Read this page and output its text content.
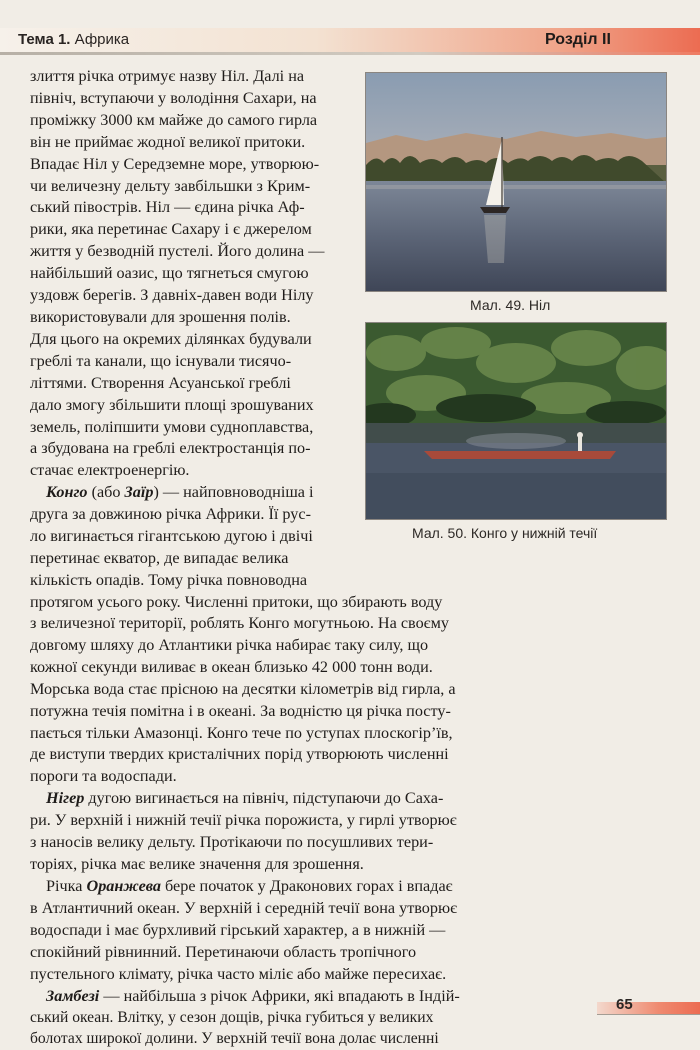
Тема 1. Африка	Розділ II
Мал. 49. Ніл
Мал. 50. Конго у нижній течії
злиття річка отримує назву Ніл. Далі на
північ, вступаючи у володіння Сахари, на
проміжку 3000 км майже до самого гирла
він не приймає жодної великої притоки.
Впадає Ніл у Середземне море, утворюю-
чи величезну дельту завбільшки з Крим-
ський півострів. Ніл — єдина річка Аф-
рики, яка перетинає Сахару і є джерелом
життя у безводній пустелі. Його долина —
найбільший оазис, що тягнеться смугою
уздовж берегів. З давніх-давен води Нілу
використовували для зрошення полів.
Для цього на окремих ділянках будували
греблі та канали, що існували тисячо-
літтями. Створення Асуанської греблі
дало змогу збільшити площі зрошуваних
земель, поліпшити умови судноплавства,
а збудована на греблі електростанція по-
стачає електроенергію.
Конго (або Заїр) — найповноводніша і
друга за довжиною річка Африки. Її рус-
ло вигинається гігантською дугою і двічі
перетинає екватор, де випадає велика
кількість опадів. Тому річка повноводна
протягом усього року. Численні притоки, що збирають воду
з величезної території, роблять Конго могутньою. На своєму
довгому шляху до Атлантики річка набирає таку силу, що
кожної секунди виливає в океан близько 42 000 тонн води.
Морська вода стає прісною на десятки кілометрів від гирла, а
потужна течія помітна і в океані. За водністю ця річка посту-
пається тільки Амазонці. Конго тече по уступах плоскогір’їв,
де виступи твердих кристалічних порід утворюють численні
пороги та водоспади.
Нігер дугою вигинається на північ, підступаючи до Саха-
ри. У верхній і нижній течії річка порожиста, у гирлі утворює
з наносів велику дельту. Протікаючи по посушливих тери-
торіях, річка має велике значення для зрошення.
Річка Оранжева бере початок у Драконових горах і впадає
в Атлантичний океан. У верхній і середній течії вона утворює
водоспади і має бурхливий гірський характер, а в нижній —
спокійний рівнинний. Перетинаючи область тропічного
пустельного клімату, річка часто міліє або майже пересихає.
Замбезі — найбільша з річок Африки, які впадають в Індій-
ський океан. Влітку, у сезон дощів, річка губиться у великих
болотах широкої долини. У верхній течії вона долає численні
65
